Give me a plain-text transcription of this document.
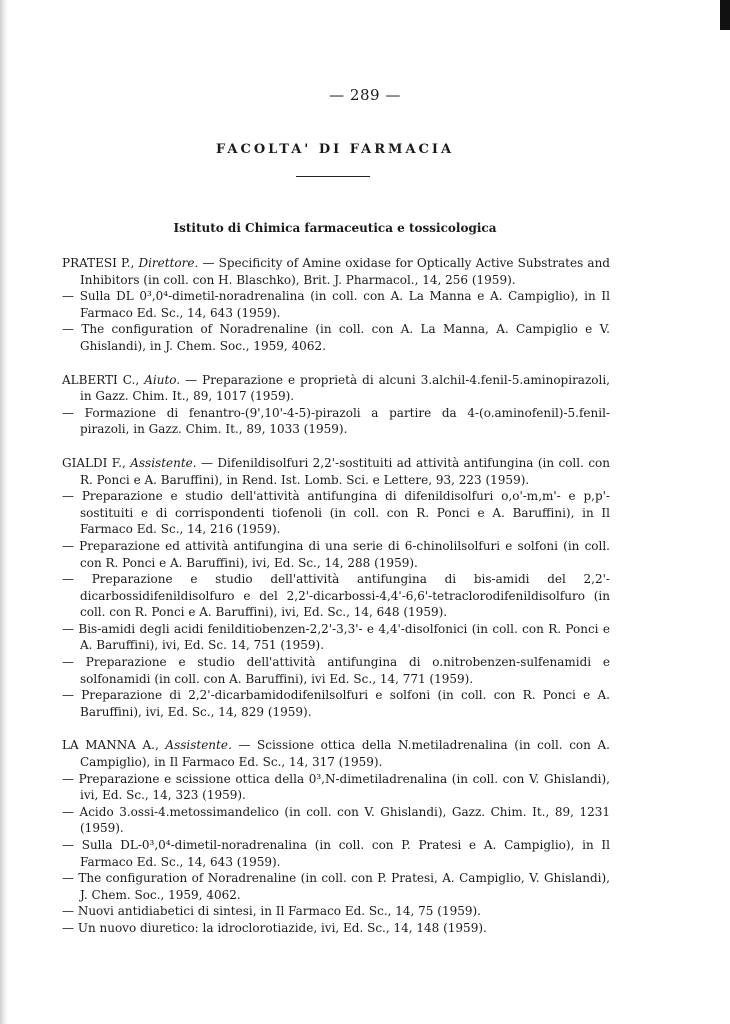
— 289 —
FACOLTA' DI FARMACIA
Istituto di Chimica farmaceutica e tossicologica
PRATESI P., Direttore. — Specificity of Amine oxidase for Optically Active Substrates and Inhibitors (in coll. con H. Blaschko), Brit. J. Pharmacol., 14, 256 (1959).
— Sulla DL 0³,0⁴-dimetil-noradrenalina (in coll. con A. La Manna e A. Campiglio), in Il Farmaco Ed. Sc., 14, 643 (1959).
— The configuration of Noradrenaline (in coll. con A. La Manna, A. Campiglio e V. Ghislandi), in J. Chem. Soc., 1959, 4062.
ALBERTI C., Aiuto. — Preparazione e proprietà di alcuni 3.alchil-4.fenil-5.aminopirazoli, in Gazz. Chim. It., 89, 1017 (1959).
— Formazione di fenantro-(9',10'-4-5)-pirazoli a partire da 4-(o.aminofenil)-5.fenil-pirazoli, in Gazz. Chim. It., 89, 1033 (1959).
GIALDI F., Assistente. — Difenildisolfuri 2,2'-sostituiti ad attività antifungina (in coll. con R. Ponci e A. Baruffini), in Rend. Ist. Lomb. Sci. e Lettere, 93, 223 (1959).
— Preparazione e studio dell'attività antifungina di difenildisolfuri o,o'-m,m'- e p,p'-sostituiti e di corrispondenti tiofenoli (in coll. con R. Ponci e A. Baruffini), in Il Farmaco Ed. Sc., 14, 216 (1959).
— Preparazione ed attività antifungina di una serie di 6-chinolilsolfuri e solfoni (in coll. con R. Ponci e A. Baruffini), ivi, Ed. Sc., 14, 288 (1959).
— Preparazione e studio dell'attività antifungina di bis-amidi del 2,2'-dicarbossidifenildisolfuro e del 2,2'-dicarbossi-4,4'-6,6'-tetraclorodifenildisolfuro (in coll. con R. Ponci e A. Baruffini), ivi, Ed. Sc., 14, 648 (1959).
— Bis-amidi degli acidi fenilditiobenzen-2,2'-3,3'- e 4,4'-disolfonici (in coll. con R. Ponci e A. Baruffini), ivi, Ed. Sc. 14, 751 (1959).
— Preparazione e studio dell'attività antifungina di o.nitrobenzen-sulfenamidi e solfonamidi (in coll. con A. Baruffini), ivi Ed. Sc., 14, 771 (1959).
— Preparazione di 2,2'-dicarbamidodifenilsolfuri e solfoni (in coll. con R. Ponci e A. Baruffini), ivi, Ed. Sc., 14, 829 (1959).
LA MANNA A., Assistente. — Scissione ottica della N.metiladrenalina (in coll. con A. Campiglio), in Il Farmaco Ed. Sc., 14, 317 (1959).
— Preparazione e scissione ottica della 0³,N-dimetiladrenalina (in coll. con V. Ghislandi), ivi, Ed. Sc., 14, 323 (1959).
— Acido 3.ossi-4.metossimandelico (in coll. con V. Ghislandi), Gazz. Chim. It., 89, 1231 (1959).
— Sulla DL-0³,0⁴-dimetil-noradrenalina (in coll. con P. Pratesi e A. Campiglio), in Il Farmaco Ed. Sc., 14, 643 (1959).
— The configuration of Noradrenaline (in coll. con P. Pratesi, A. Campiglio, V. Ghislandi), J. Chem. Soc., 1959, 4062.
— Nuovi antidiabetici di sintesi, in Il Farmaco Ed. Sc., 14, 75 (1959).
— Un nuovo diuretico: la idroclorotiazide, ivi, Ed. Sc., 14, 148 (1959).
